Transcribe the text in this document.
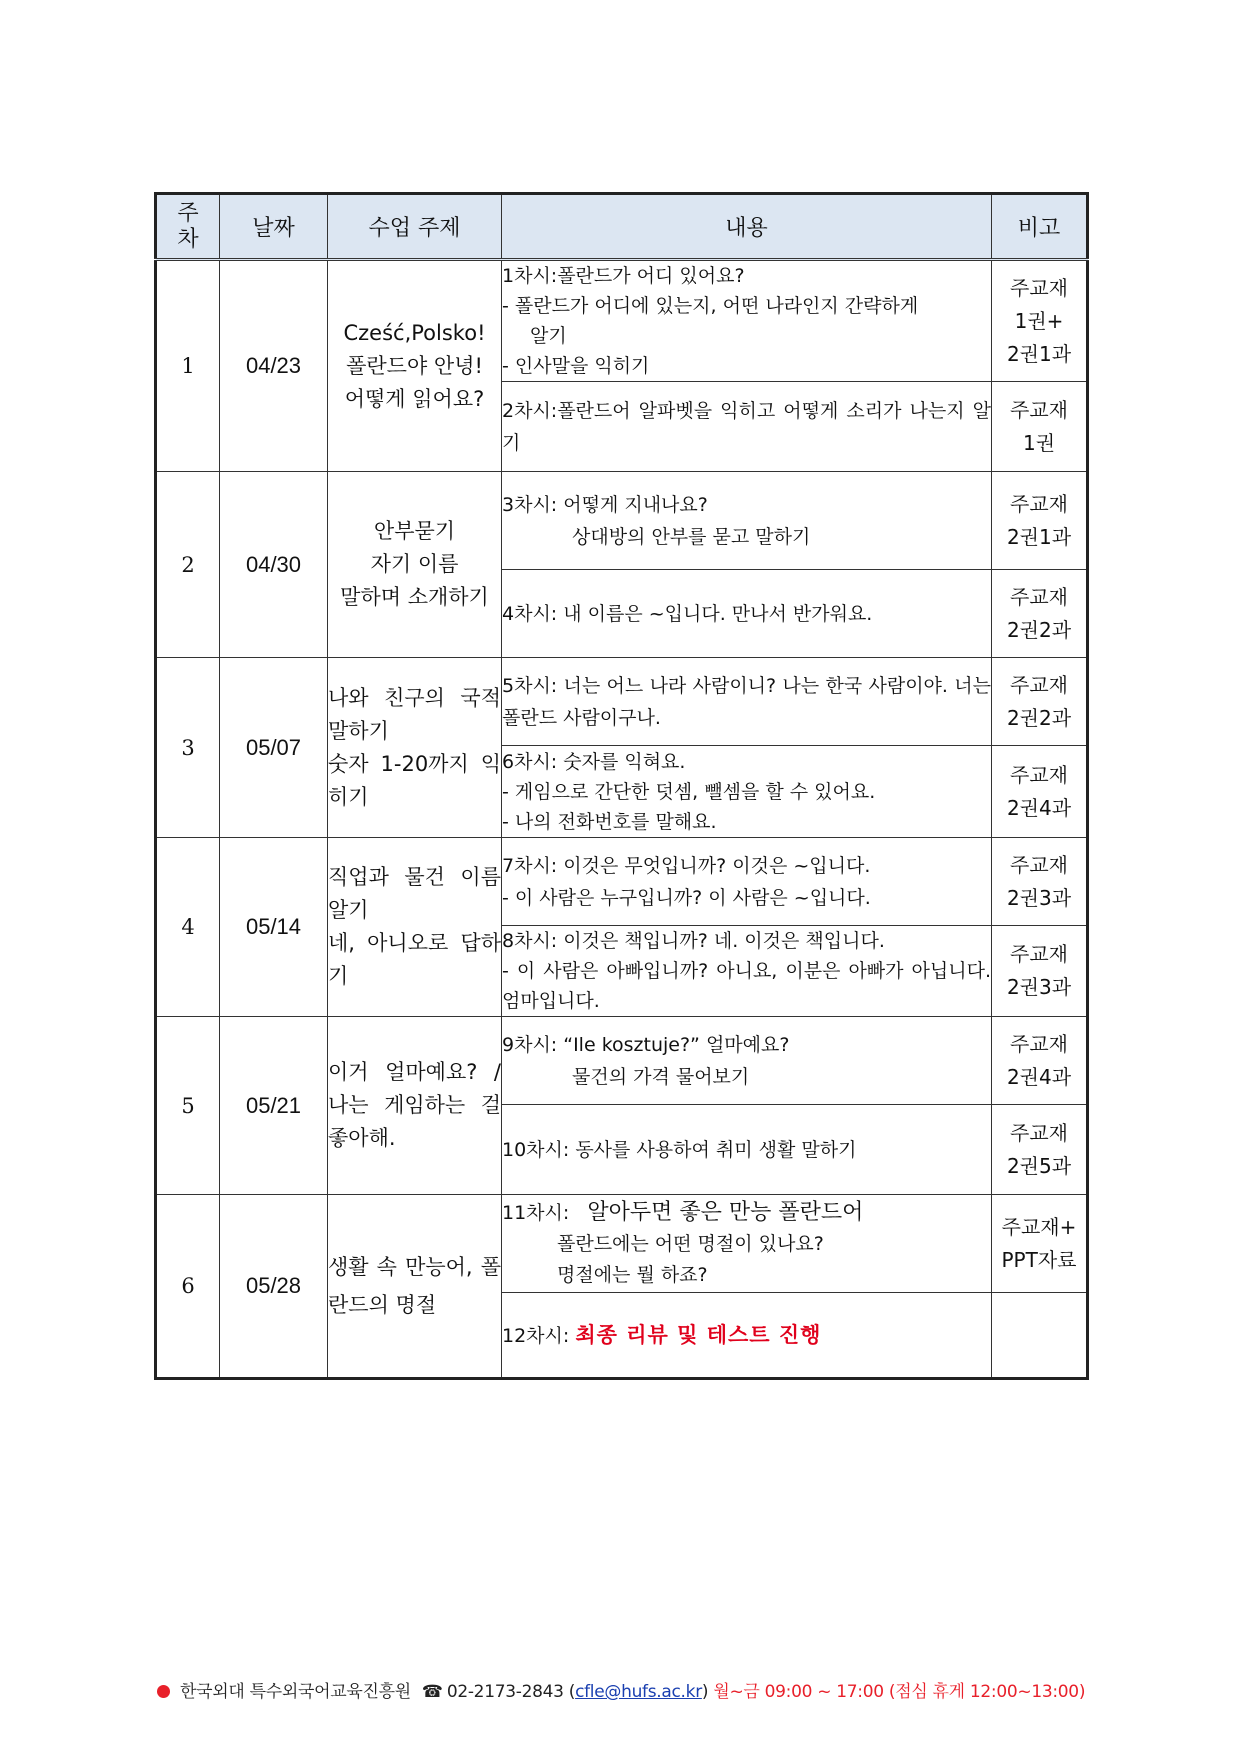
주
차	날짜	수업 주제	내용	비고
1	04/23	Cześć,Polsko!
폴란드야 안녕!
어떻게 읽어요?	1차시:폴란드가 어디 있어요?
- 폴란드가 어디에 있는지, 어떤 나라인지 간략하게
알기
- 인사말을 익히기	주교재
1권+
2권1과

			2차시:폴란드어 알파벳을 익히고 어떻게 소리가 나는지 알기	주교재
1권

2	04/30	안부묻기
자기 이름
말하며 소개하기	3차시: 어떻게 지내나요?
상대방의 안부를 묻고 말하기	주교재
2권1과

			4차시: 내 이름은 ~입니다. 만나서 반가워요.	주교재
2권2과

3	05/07	나와 친구의 국적 말하기
숫자 1-20까지 익히기	5차시: 너는 어느 나라 사람이니? 나는 한국 사람이야. 너는 폴란드 사람이구나.	주교재
2권2과

			6차시: 숫자를 익혀요.
- 게임으로 간단한 덧셈, 뺄셈을 할 수 있어요.
- 나의 전화번호를 말해요.	주교재
2권4과

4	05/14	직업과 물건 이름 알기
네, 아니오로 답하기	7차시: 이것은 무엇입니까? 이것은 ~입니다.
- 이 사람은 누구입니까? 이 사람은 ~입니다.	주교재
2권3과

			8차시: 이것은 책입니까? 네. 이것은 책입니다.
- 이 사람은 아빠입니까? 아니요, 이분은 아빠가 아닙니다. 엄마입니다.	주교재
2권3과

5	05/21	이거 얼마예요? / 나는 게임하는 걸 좋아해.	9차시: “Ile kosztuje?” 얼마예요?
물건의 가격 물어보기	주교재
2권4과

			10차시: 동사를 사용하여 취미 생활 말하기	주교재
2권5과

6	05/28	생활 속 만능어, 폴란드의 명절	11차시: 알아두면 좋은 만능 폴란드어
폴란드에는 어떤 명절이 있나요?
명절에는 뭘 하죠?	주교재+
PPT자료

			12차시: 최종 리뷰 및 테스트 진행	

한국외대 특수외국어교육진흥원 ☎ 02-2173-2843 (cfle@hufs.ac.kr) 월~금 09:00 ~ 17:00 (점심 휴게 12:00~13:00)
